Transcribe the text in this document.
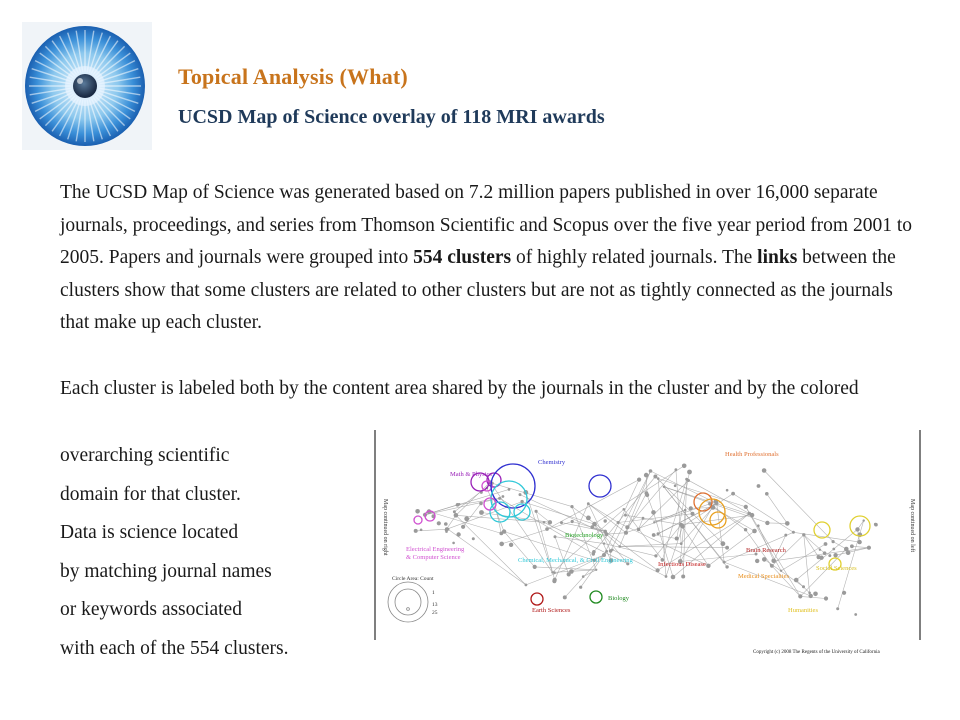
Topical Analysis (What)
UCSD Map of Science overlay of 118 MRI awards

The UCSD Map of Science was generated based on 7.2 million papers published in over 16,000 separate journals, proceedings, and series from Thomson Scientific and Scopus over the five year period from 2001 to 2005. Papers and journals were grouped into 554 clusters of highly related journals. The links between the clusters show that some clusters are related to other clusters but are not as tightly connected as the journals that make up each cluster.

Each cluster is labeled both by the content area shared by the journals in the cluster and by the colored

overarching scientific
domain for that cluster.
Data is science located
by matching journal names
or keywords associated
with each of the 554 clusters.
Map continued on right	Map continued on left
Math & Physics
Chemistry
Health Professionals
Electrical Engineering
& Computer Science
Biotechnology
Chemical, Mechanical, & Civil Engineering
Brain Research
Infectious Disease
Medical Specialties
Social Sciences
Earth Sciences
Biology
Humanities
Circle Area: Count
1
13
25
Copyright (c) 2008 The Regents of the University of California
